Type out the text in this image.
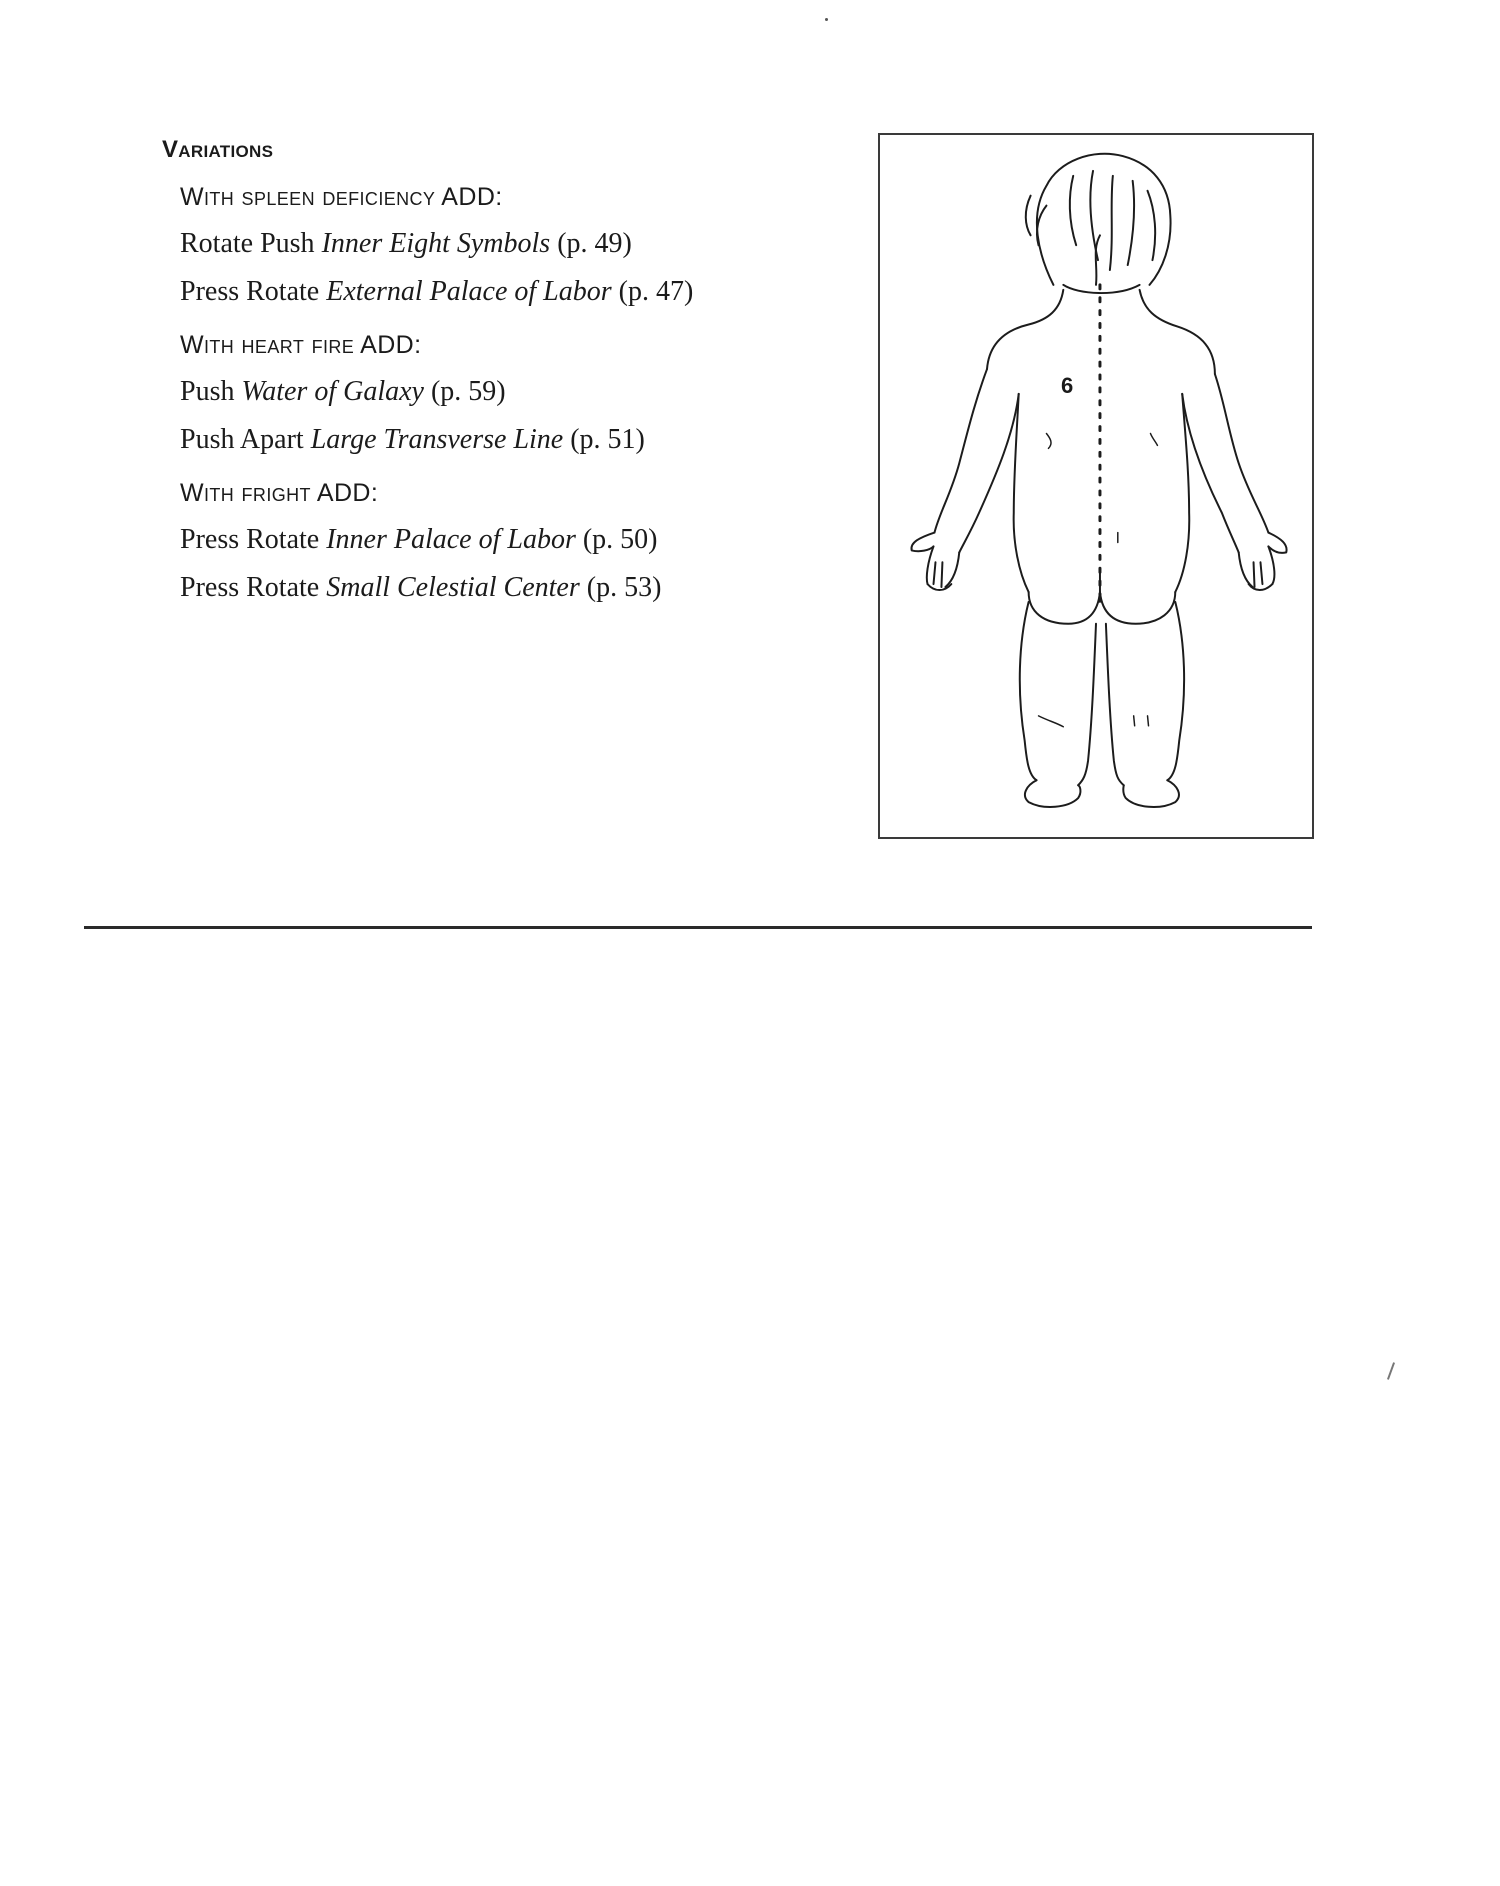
Variations

With spleen deficiency ADD:

Rotate Push Inner Eight Symbols (p. 49)

Press Rotate External Palace of Labor (p. 47)

With heart fire ADD:

Push Water of Galaxy (p. 59)

Push Apart Large Transverse Line (p. 51)

With fright ADD:

Press Rotate Inner Palace of Labor (p. 50)

Press Rotate Small Celestial Center (p. 53)

6
